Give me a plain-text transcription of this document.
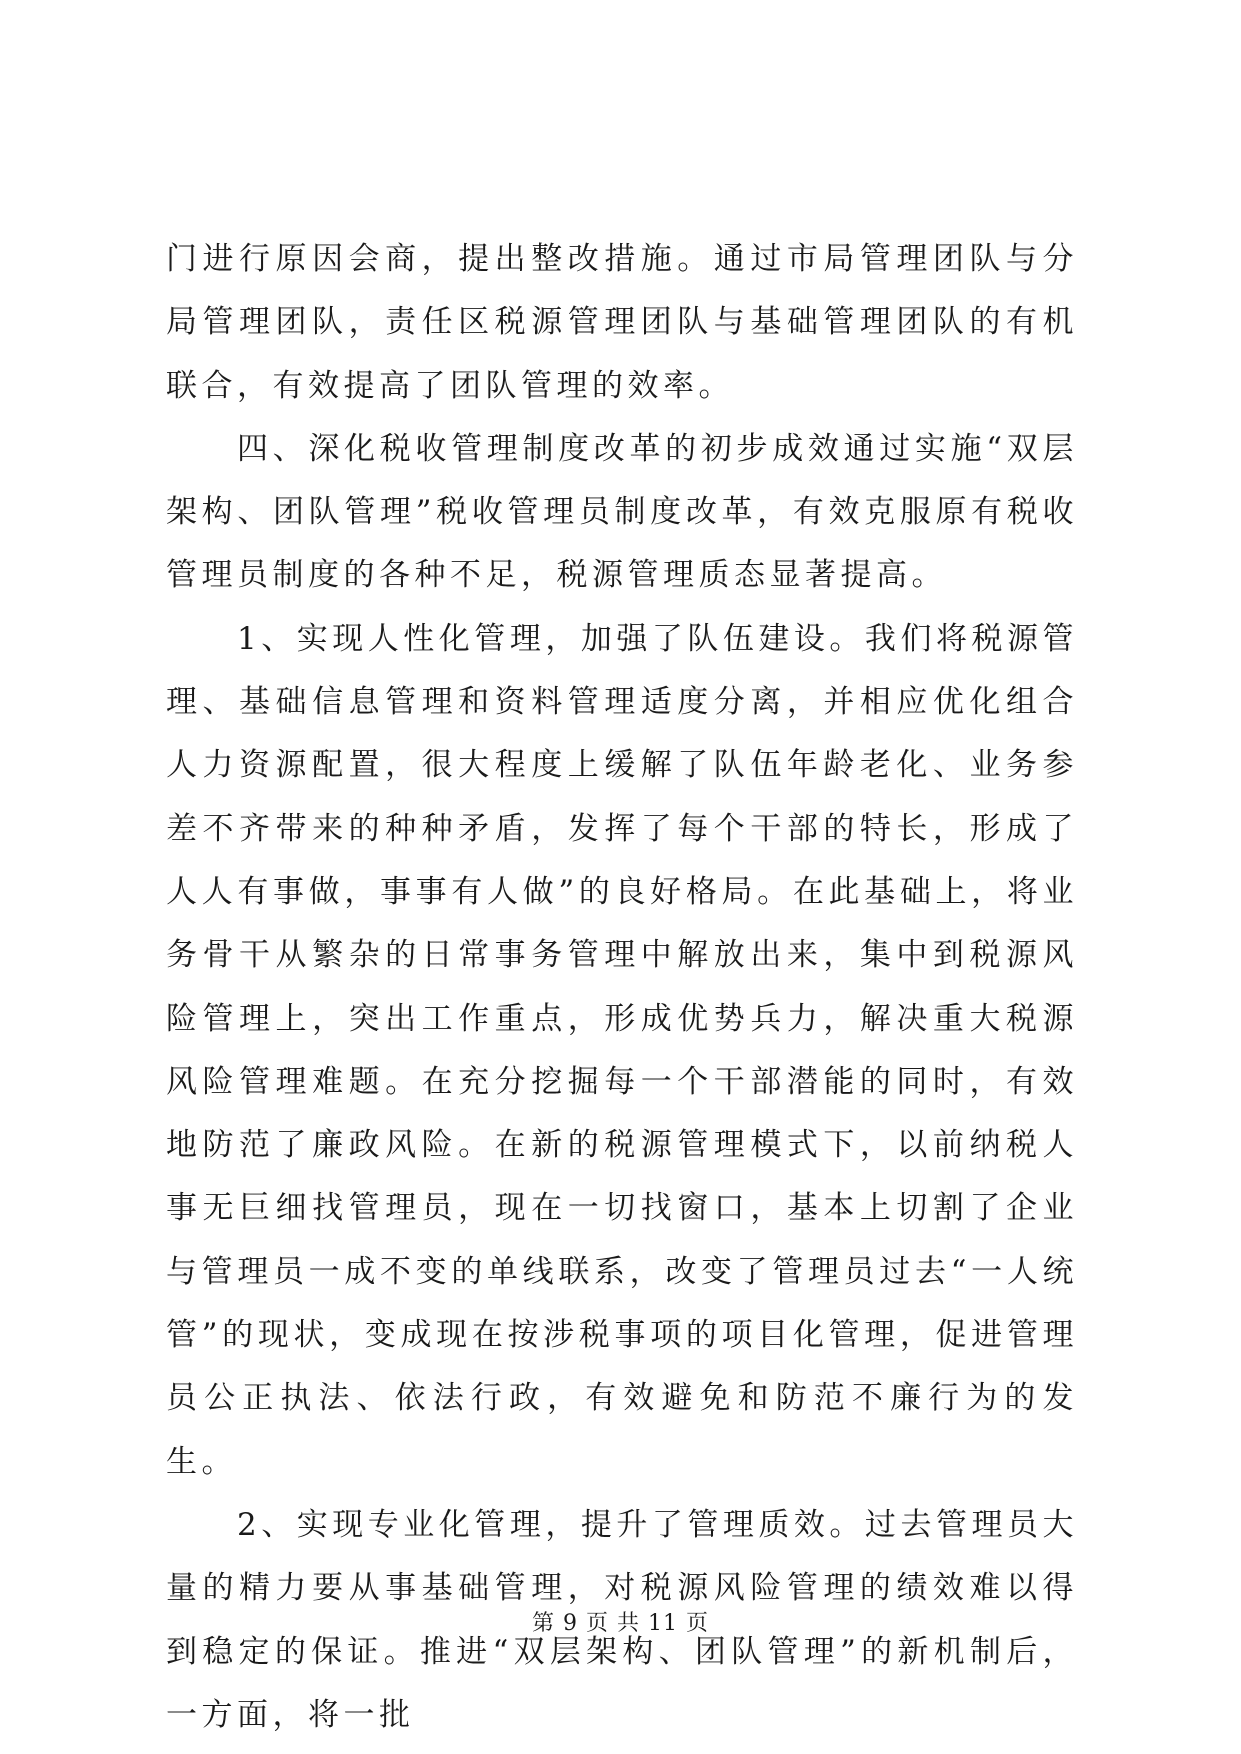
门进行原因会商，提出整改措施。通过市局管理团队与分局管理团队，责任区税源管理团队与基础管理团队的有机联合，有效提高了团队管理的效率。

四、深化税收管理制度改革的初步成效通过实施“双层架构、团队管理”税收管理员制度改革，有效克服原有税收管理员制度的各种不足，税源管理质态显著提高。

1、实现人性化管理，加强了队伍建设。我们将税源管理、基础信息管理和资料管理适度分离，并相应优化组合人力资源配置，很大程度上缓解了队伍年龄老化、业务参差不齐带来的种种矛盾，发挥了每个干部的特长，形成了人人有事做，事事有人做”的良好格局。在此基础上，将业务骨干从繁杂的日常事务管理中解放出来，集中到税源风险管理上，突出工作重点，形成优势兵力，解决重大税源风险管理难题。在充分挖掘每一个干部潜能的同时，有效地防范了廉政风险。在新的税源管理模式下，以前纳税人事无巨细找管理员，现在一切找窗口，基本上切割了企业与管理员一成不变的单线联系，改变了管理员过去“一人统管”的现状，变成现在按涉税事项的项目化管理，促进管理员公正执法、依法行政，有效避免和防范不廉行为的发生。

2、实现专业化管理，提升了管理质效。过去管理员大量的精力要从事基础管理，对税源风险管理的绩效难以得到稳定的保证。推进“双层架构、团队管理”的新机制后，一方面，将一批

第 9 页 共 11 页
